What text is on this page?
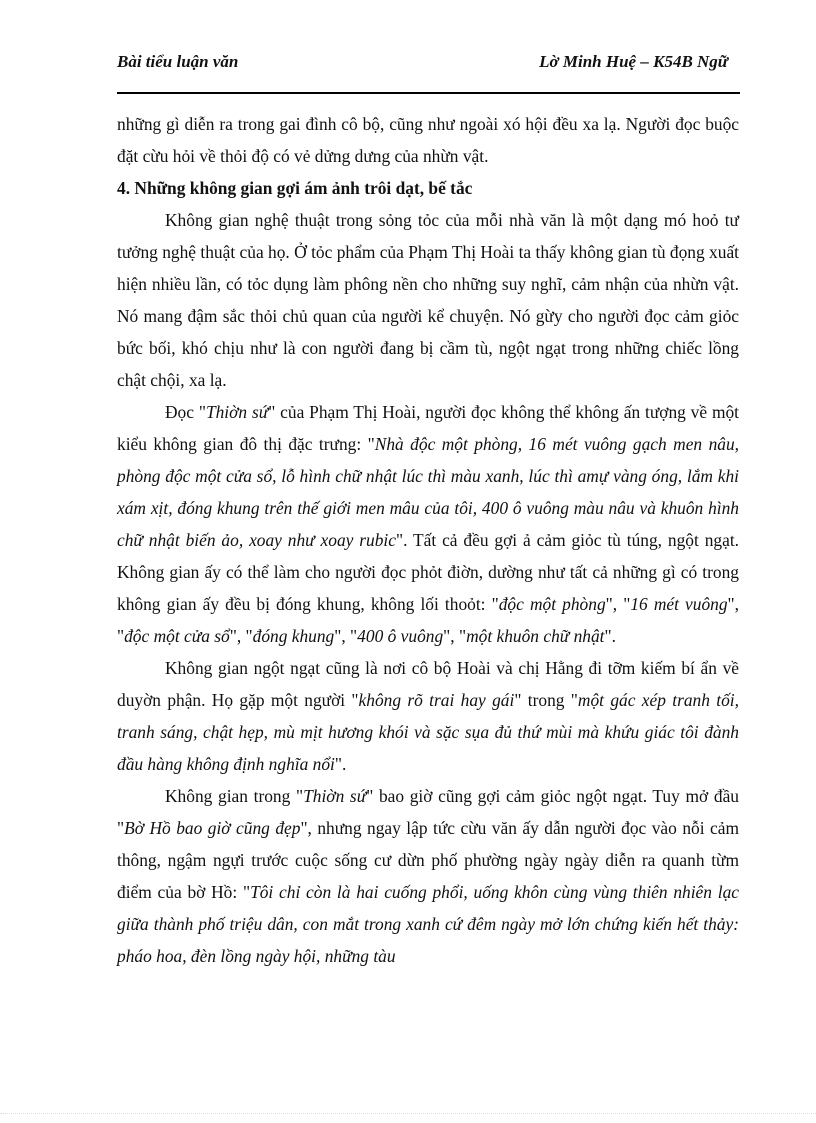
Bài tiểu luận văn	Lờ Minh Huệ – K54B Ngữ

những gì diễn ra trong gai đình cô bộ, cũng như ngoài xó hội đều xa lạ. Người đọc buộc đặt cừu hỏi về thỏi độ có vẻ dửng dưng của nhừn vật.

4. Những không gian gợi ám ảnh trôi dạt, bế tắc

Không gian nghệ thuật trong sỏng tỏc của mỗi nhà văn là một dạng mó hoỏ tư tưởng nghệ thuật của họ. Ở tỏc phẩm của Phạm Thị Hoài ta thấy không gian tù đọng xuất hiện nhiều lần, có tỏc dụng làm phông nền cho những suy nghĩ, cảm nhận của nhừn vật. Nó mang đậm sắc thỏi chủ quan của người kể chuyện. Nó gừy cho người đọc cảm giỏc bức bối, khó chịu như là con người đang bị cầm tù, ngột ngạt trong những chiếc lồng chật chội, xa lạ.

Đọc "Thiờn sứ" của Phạm Thị Hoài, người đọc không thể không ấn tượng về một kiểu không gian đô thị đặc trưng: "Nhà độc một phòng, 16 mét vuông gạch men nâu, phòng độc một cửa sổ, lỗ hình chữ nhật lúc thì màu xanh, lúc thì amự vàng óng, lắm khi xám xịt, đóng khung trên thế giới men mâu của tôi, 400 ô vuông màu nâu và khuôn hình chữ nhật biến ảo, xoay như xoay rubic". Tất cả đều gợi ả cảm giỏc tù túng, ngột ngạt. Không gian ấy có thể làm cho người đọc phỏt điờn, dường như tất cả những gì có trong không gian ấy đều bị đóng khung, không lối thoỏt: "độc một phòng", "16 mét vuông", "độc một cửa sổ", "đóng khung", "400 ô vuông", "một khuôn chữ nhật".

Không gian ngột ngạt cũng là nơi cô bộ Hoài và chị Hằng đi tỡm kiếm bí ẩn về duyờn phận. Họ gặp một người "không rõ trai hay gái" trong "một gác xép tranh tối, tranh sáng, chật hẹp, mù mịt hương khói và sặc sụa đủ thứ mùi mà khứu giác tôi đành đầu hàng không định nghĩa nổi".

Không gian trong "Thiờn sứ" bao giờ cũng gợi cảm giỏc ngột ngạt. Tuy mở đầu "Bờ Hồ bao giờ cũng đẹp", nhưng ngay lập tức cừu văn ấy dẫn người đọc vào nỗi cảm thông, ngậm ngựi trước cuộc sống cư dừn phố phường ngày ngày diễn ra quanh từm điểm của bờ Hồ: "Tôi chỉ còn là hai cuống phổi, uống khôn cùng vùng thiên nhiên lạc giữa thành phố triệu dân, con mắt trong xanh cứ đêm ngày mở lớn chứng kiến hết thảy: pháo hoa, đèn lồng ngày hội, những tàu
